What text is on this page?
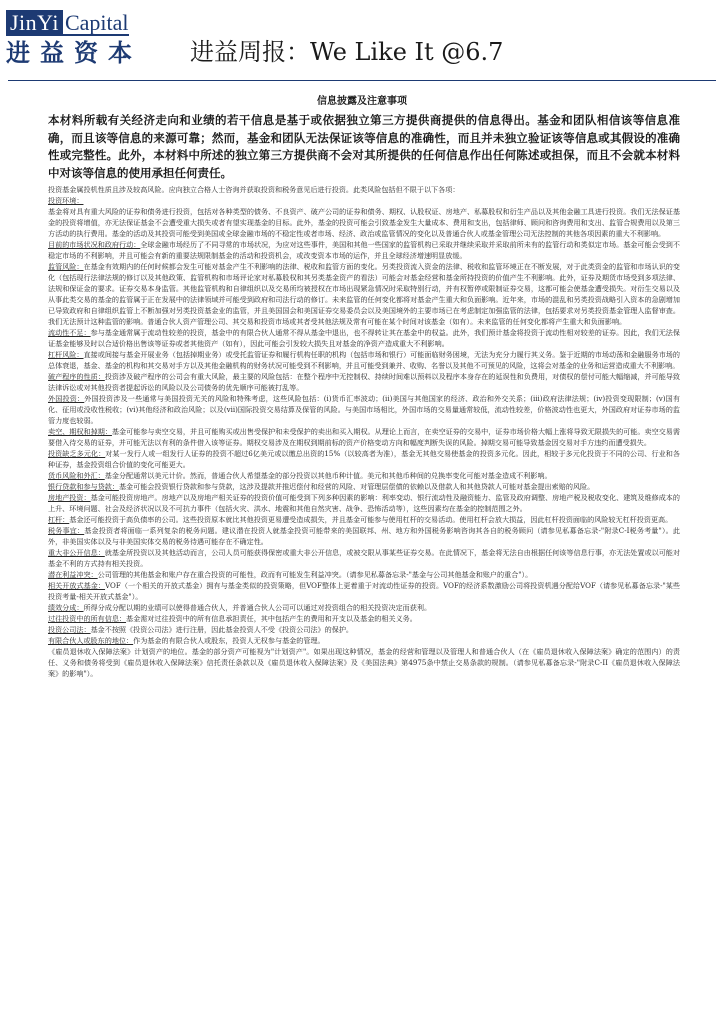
JinYi Capital
进益资本	进益周报：We Like It @6.7
信息披露及注意事项

本材料所载有关经济走向和业绩的若干信息是基于或依据独立第三方提供商提供的信息得出。基金和团队相信该等信息准确，而且该等信息的来源可靠；然而，基金和团队无法保证该等信息的准确性，而且并未独立验证该等信息或其假设的准确性或完整性。此外，本材料中所述的独立第三方提供商不会对其所提供的任何信息作出任何陈述或担保，而且不会就本材料中对该等信息的使用承担任何责任。

投资基金属投机性质且涉及较高风险。应向独立合格人士咨询并获取投资和税务意见后进行投资。此类风险包括但不限于以下各项：

投资环境：

基金将对具有重大风险的证券和债务进行投资，包括对各种类型的债务、不良资产、破产公司的证券和债务、期权、认股权证、房地产、私募股权和衍生产品以及其他金融工具进行投资。我们无法保证基金的投资将增值，亦无法保证基金不会遭受重大损失或者有望实现基金的目标。此外，基金的投资可能会引致基金发生大量成本、费用和支出，包括律师、顾问和咨询费用和支出、监管合规费用以及第三方活动的执行费用。基金的活动及其投资可能受到美国或全球金融市场的不稳定性或者市场、经济、政治或监管情况的变化以及普通合伙人或基金管理公司无法控制的其他各项因素的重大不利影响。

目前的市场状况和政府行动：全球金融市场经历了不同寻常的市场状况，为应对这些事件，美国和其他一些国家的监管机构已采取并继续采取并采取前所未有的监管行动和类似定市场。基金可能会受到不稳定市场的不利影响，并且可能会有新的重要法规限制基金的活动和投资机会，或改变资本市场的运作，并且全球经济增速明显放缓。

监管风险：在基金有效期内的任何时候都会发生可能对基金产生不利影响的法律、税收和监管方面的变化。另类投资流入资金的法律、税收和监管环境正在不断发展，对于此类资金的监管和市场认识的变化（包括现行法律法规的修订以及其他政策、监管机构和市场评论家对私募股权和其另类基金资产的看法）可能会对基金经营和基金所持投资的价值产生不利影响。此外，证券及期货市场受到多项法律、法规和保证金的要求。证券交易本身监管。其他监管机构和自律组织以及交易所均被授权在市场出现紧急情况时采取特别行动，并有权暂停或限制证券交易，这都可能会使基金遭受损失。对衍生交易以及从事此类交易的基金的监管属于正在发展中的法律领域并可能受到政府和司法行动的修订。未来监管的任何变化都将对基金产生重大和负面影响。近年来，市场的混乱和另类投资战略引入资本的急剧增加已导致政府和自律组织监管上不断加强对另类投资基金业的监管，并且美国国会和美国证券交易委员会以及美国境外的主要市场已在考虑制定加强监管的法律，包括要求对另类投资基金管理人监督审查。我们无法预计这种监管的影响。普通合伙人资产管理公司、其交易和投资市场或其者受其他法规及常有可能在某个时间对该基金（如有）。未来监管的任何变化都将产生重大和负面影响。

流动性不足：参与基金通常属于流动性较差的投资，基金中的有限合伙人通常不得从基金中退出，也不得转让其在基金中的权益。此外，我们预计基金将投资于流动性相对较差的证券。因此，我们无法保证基金能够及时以合适价格出售该等证券或者其他资产（如有），因此可能会引发较大损失且对基金的净资产造成重大不利影响。

杠杆风险：直接或间接与基金开展业务（包括掉期业务）或受托监管证券和履行机构任职的机构（包括市场和银行）可能面临财务困境，无法为充分力履行其义务。鉴于近期的市场动荡和金融服务市场的总体衰退，基金、基金的机构和其交易对手方以及其他金融机构的财务状况可能受到不利影响，并且可能受到兼并、收购、名誉以及其他不可预见的风险，这将会对基金的业务和运营造成重大不利影响。

破产程序的性质：投资涉及破产程序的公司会有重大风险，最主要的风险包括：在整个程序中无控制权、持续时间难以预料以及程序本身存在的延误性和负费用，对债权的偿付可能大幅缩减，并可能导致法律诉讼或对其他投资者提起诉讼的风险以及公司债务的优先顺序可能被打乱等。

外国投资：外国投资涉及一些通常与美国投资无关的风险和特殊考虑，这些风险包括：(i)货币汇率波动；(ii)美国与其他国家的经济、政治和外交关系；(iii)政府法律法规；(iv)投资变现限制；(v)国有化、征用或没收性税收；(vi)其他经济和政治风险；以及(vii)国际投资交易结算及保管的风险。与美国市场相比，外国市场的交易量通常较低，流动性较差，价格波动性也更大，外国政府对证券市场的监管力度也较弱。

卖空、期权和掉期：基金可能参与卖空交易，并且可能购买或出售受保护和未受保护的卖出和买入期权。从理论上而言，在卖空证券的交易中，证券市场价格大幅上涨将导致无限损失的可能。卖空交易需要借入待交易的证券，并可能无法以有利的条件借入该等证券。期权交易涉及在期权到期前标的资产价格变动方向和幅度判断失误的风险。掉期交易可能导致基金因交易对手方违约而遭受损失。

投资缺乏多元化：对某一发行人或一组发行人证券的投资不超过6亿美元或以缴总出资的15%（以较高者为准），基金无其他交易使基金的投资多元化。因此，相较于多元化投资于不同的公司、行业和各种证券，基金投资组合价值的变化可能更大。

货币风险和外汇：基金分配通常以美元计价。然而，普通合伙人希望基金的部分投资以其他币种计值。美元和其他币种间的兑换率变化可能对基金造成不利影响。

银行贷款和参与贷款：基金可能会投资银行贷款和参与贷款，这涉及提款并推迟偿付和经营的风险、对管理层偿债的依赖以及借款人和其他贷款人可能对基金提出索赔的风险。

房地产投资：基金可能投资房地产。房地产以及房地产相关证券的投资价值可能受到下列多种因素的影响：利率变动、银行流动性及融资能力、监管及政府调整、房地产税及税收变化、建筑及维修成本的上升、环境问题、社会及经济状况以及不可抗力事件（包括火灾、洪水、地震和其他自然灾害、战争、恐怖活动等），这些因素均在基金的控制范围之外。

杠杆：基金还可能投资于高负债率的公司。这些投资原本就比其他投资更易遭受造成损失，并且基金可能参与使用杠杆的交易活动。使用杠杆会放大损益，因此杠杆投资面临的风险较无杠杆投资更高。

税务事宜：基金投资者将面临一系列复杂的税务问题。建议潜在投资人就基金投资可能带来的美国联邦、州、地方和外国税务影响咨询其各自的税务顾问（请参见私募备忘录-"附录C-I税务考量"）。此外，非美国实体以及与非美国实体交易的税务待遇可能存在不确定性。

重大非公开信息：就基金所投资以及其他活动而言，公司人员可能获得保密或重大非公开信息，或被交限从事某些证券交易。在此情况下，基金将无法自由根据任何该等信息行事，亦无法处置或以可能对基金不利的方式持有相关投资。

潜在利益冲突：公司管理的其他基金和账户存在重合投资的可能性，政而有可能发生利益冲突。（请参见私募备忘录-"基金与公司其他基金和账户的重合"）。

相关开放式基金：VOF（一个相关的开放式基金）拥有与基金类似的投资策略，但VOF整体上更着重于对流动性证券的投资。VOF的经济系数激励公司将投资机遇分配给VOF（请参见私募备忘录-"某些投资考量-相关开放式基金"）。

绩效分成：所得分成分配以期的业绩可以使得普通合伙人，并普通合伙人公司可以通过对投资组合的相关投资决定而获利。

过往投资中的所有信息：基金需对过往投资中的所有信息承担责任，其中包括产生的费用和开支以及基金的相关义务。

投资公司法：基金不按照《投资公司法》进行注册，因此基金投资人不受《投资公司法》的保护。

有限合伙人或股东的地位：作为基金的有限合伙人或股东，投资人无权参与基金的管理。

《雇员退休收入保障法案》计划资产的地位。基金的部分资产可能视为"计划资产"。如果出现这种情况，基金的经营和管理以及管理人和普通合伙人（在《雇员退休收入保障法案》确定的范围内）的责任、义务和债务将受到《雇员退休收入保障法案》信托责任条款以及《雇员退休收入保障法案》及《美国法典》第4975条中禁止交易条款的规制。（请参见私募备忘录-"附录C-II《雇员退休收入保障法案》的影响"）。
